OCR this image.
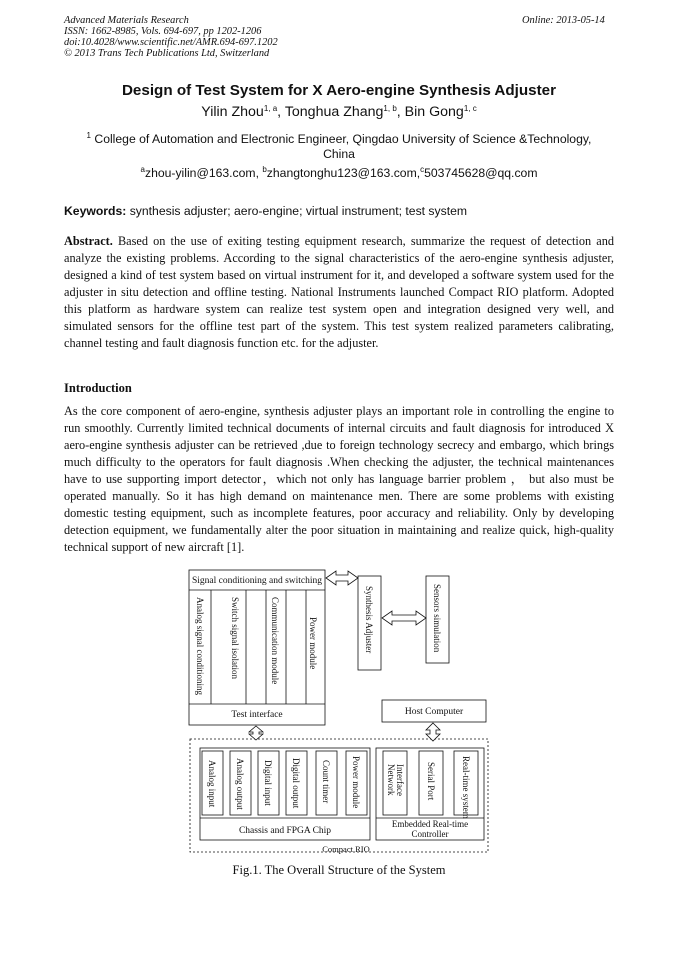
Advanced Materials Research
ISSN: 1662-8985, Vols. 694-697, pp 1202-1206
doi:10.4028/www.scientific.net/AMR.694-697.1202
© 2013 Trans Tech Publications Ltd, Switzerland
Online: 2013-05-14
Design of Test System for X Aero-engine Synthesis Adjuster
Yilin Zhou$^{1, a}$, Tonghua Zhang$^{1, b}$, Bin Gong$^{1, c}$
$^1$ College of Automation and Electronic Engineer, Qingdao University of Science &Technology, China
$^a$zhou-yilin@163.com, $^b$zhangtonghu123@163.com,$^c$503745628@qq.com
Keywords: synthesis adjuster; aero-engine; virtual instrument; test system
Abstract. Based on the use of exiting testing equipment research, summarize the request of detection and analyze the existing problems. According to the signal characteristics of the aero-engine synthesis adjuster, designed a kind of test system based on virtual instrument for it, and developed a software system used for the adjuster in situ detection and offline testing. National Instruments launched Compact RIO platform. Adopted this platform as hardware system can realize test system open and integration designed very well, and simulated sensors for the offline test part of the system. This test system realized parameters calibrating, channel testing and fault diagnosis function etc. for the adjuster.
Introduction
As the core component of aero-engine, synthesis adjuster plays an important role in controlling the engine to run smoothly. Currently limited technical documents of internal circuits and fault diagnosis for introduced X aero-engine synthesis adjuster can be retrieved ,due to foreign technology secrecy and embargo, which brings much difficulty to the operators for fault diagnosis .When checking the adjuster, the technical maintenances have to use supporting import detector，which not only has language barrier problem ， but also must be operated manually. So it has high demand on maintenance men. There are some problems with existing domestic testing equipment, such as incomplete features, poor accuracy and reliability. Only by developing detection equipment, we fundamentally alter the poor situation in maintaining and realize quick, high-quality technical support of new aircraft [1].
Signal conditioning and switching
Test interface	Host Computer
Chassis and FPGA Chip
Embedded Real-time
Controller
Compact RIO
Analog signal conditioning	Switch signal isolation	Communication module	Power module	Synthesis Adjuster	Sensors simulation
Analog input Analog output Digital input Digital output Count timer Power module	Network Interface Serial Port	Real-time system
Fig.1. The Overall Structure of the System
